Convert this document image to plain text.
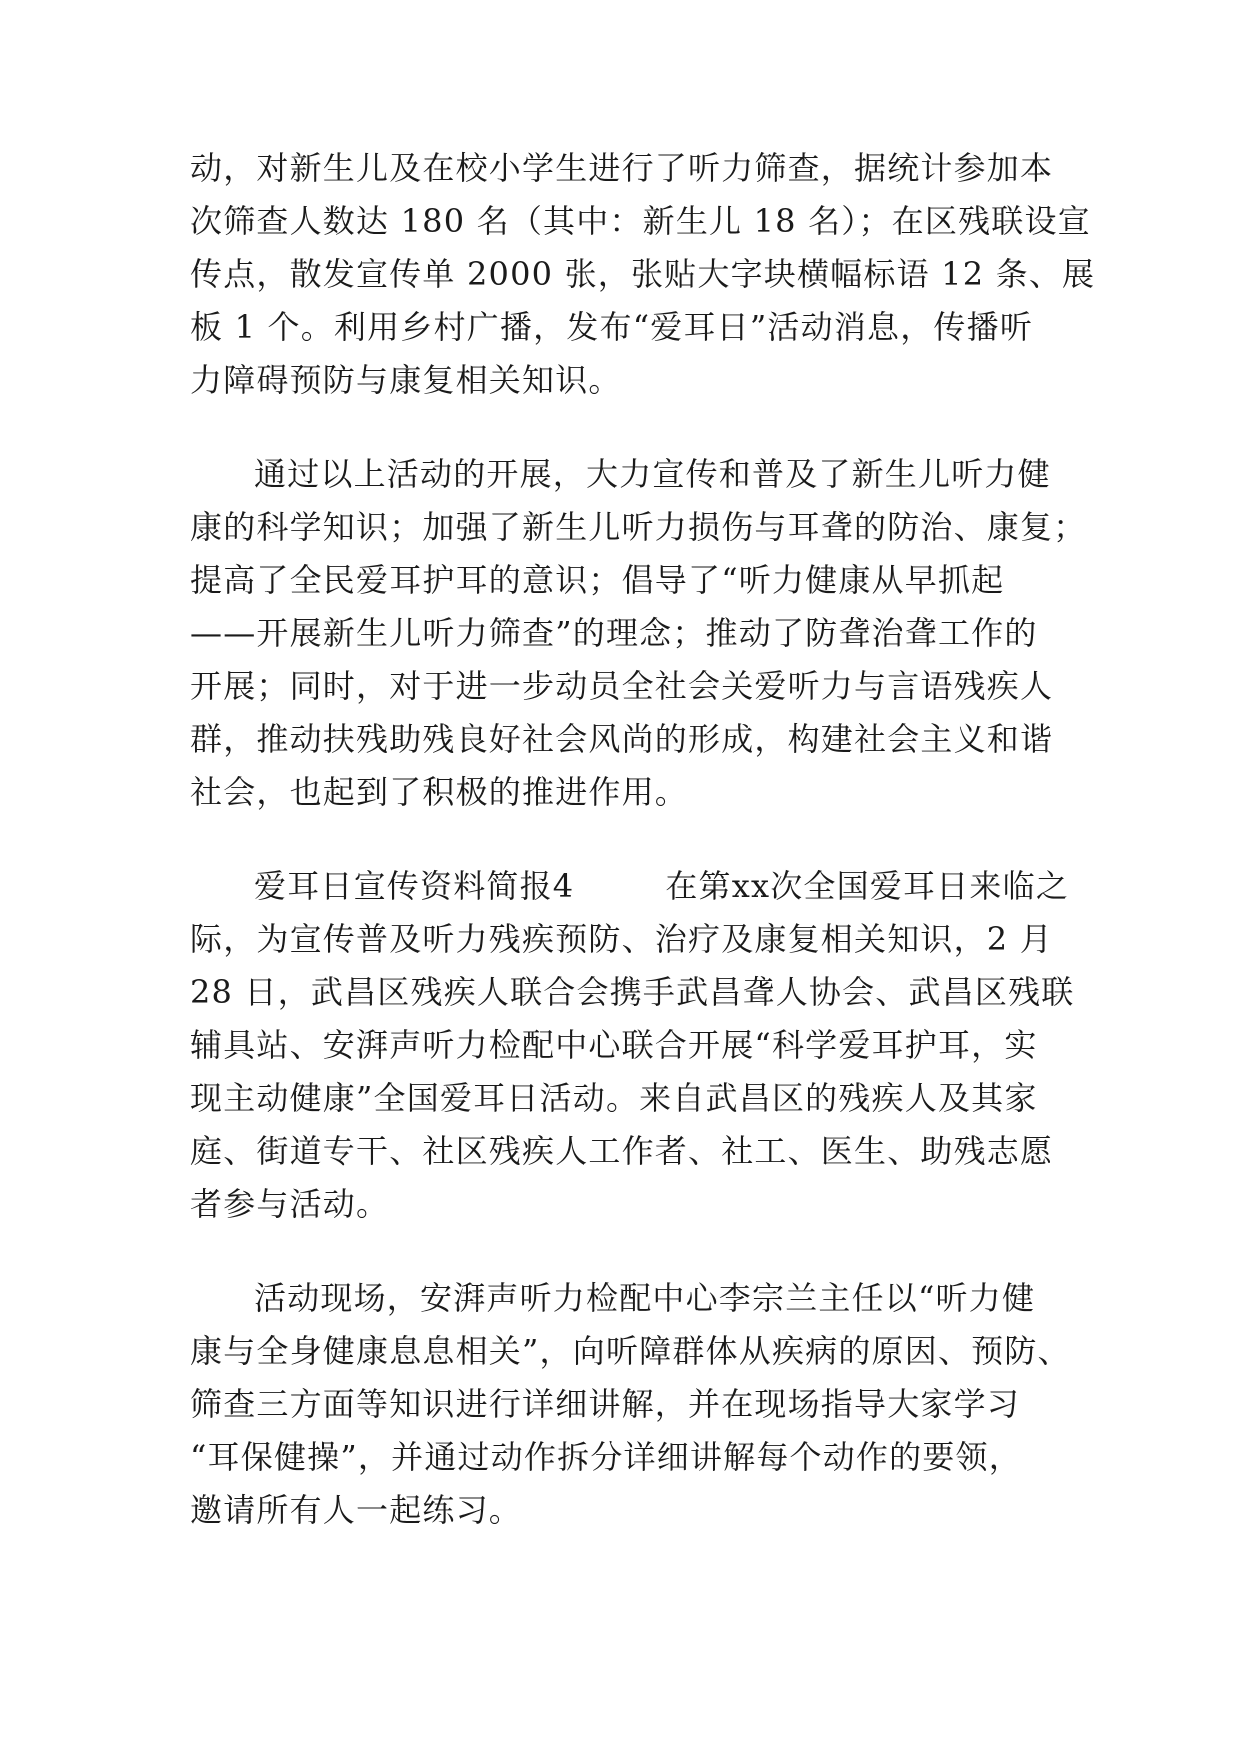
动，对新生儿及在校小学生进行了听力筛查，据统计参加本
次筛查人数达 180 名（其中：新生儿 18 名）；在区残联设宣
传点，散发宣传单 2000 张，张贴大字块横幅标语 12 条、展
板 1 个。利用乡村广播，发布“爱耳日”活动消息，传播听
力障碍预防与康复相关知识。
通过以上活动的开展，大力宣传和普及了新生儿听力健
康的科学知识；加强了新生儿听力损伤与耳聋的防治、康复；
提高了全民爱耳护耳的意识；倡导了“听力健康从早抓起
——开展新生儿听力筛查”的理念；推动了防聋治聋工作的
开展；同时，对于进一步动员全社会关爱听力与言语残疾人
群，推动扶残助残良好社会风尚的形成，构建社会主义和谐
社会，也起到了积极的推进作用。
爱耳日宣传资料简报4        在第xx次全国爱耳日来临之
际，为宣传普及听力残疾预防、治疗及康复相关知识，2 月
28 日，武昌区残疾人联合会携手武昌聋人协会、武昌区残联
辅具站、安湃声听力检配中心联合开展“科学爱耳护耳，实
现主动健康”全国爱耳日活动。来自武昌区的残疾人及其家
庭、街道专干、社区残疾人工作者、社工、医生、助残志愿
者参与活动。
活动现场，安湃声听力检配中心李宗兰主任以“听力健
康与全身健康息息相关”，向听障群体从疾病的原因、预防、
筛查三方面等知识进行详细讲解，并在现场指导大家学习
“耳保健操”，并通过动作拆分详细讲解每个动作的要领，
邀请所有人一起练习。
